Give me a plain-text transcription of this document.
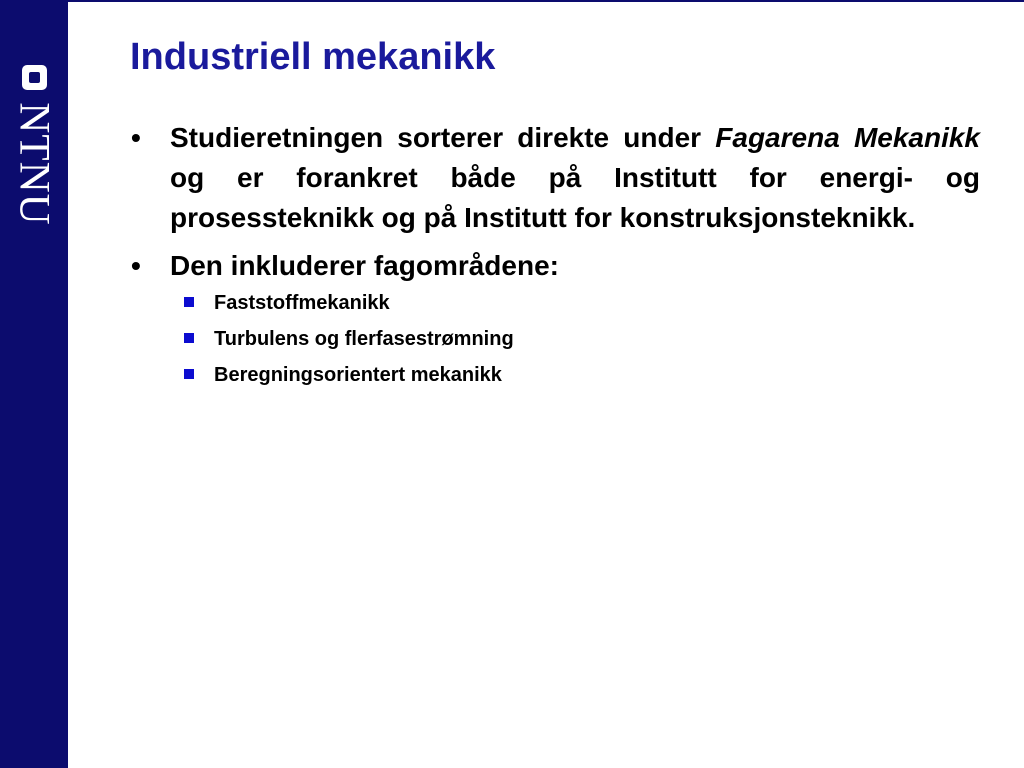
NTNU
Industriell mekanikk
• Studieretningen sorterer direkte under Fagarena Mekanikk og er forankret både på Institutt for energi- og prosessteknikk og på Institutt for konstruksjonsteknikk.
• Den inkluderer fagområdene:
Faststoffmekanikk
Turbulens og flerfasestrømning
Beregningsorientert mekanikk
